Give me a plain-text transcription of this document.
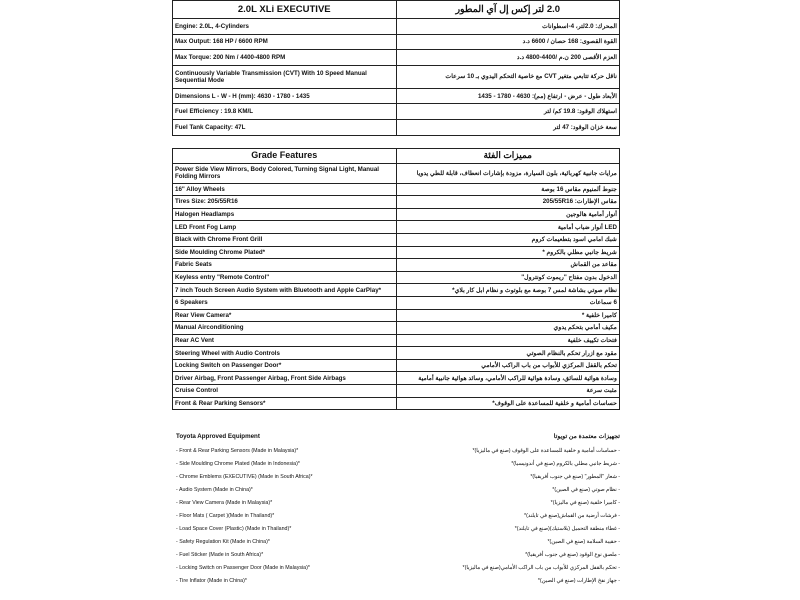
2.0L XLi EXECUTIVE	2.0 لتر إكس إل آي المطور
Engine: 2.0L, 4-Cylinders	المحرك: 2.0لتر، 4-اسطوانات
Max Output: 168 HP / 6600 RPM	القوة القصوى: 168 حصان / 6600 د.د
Max Torque: 200 Nm / 4400-4800 RPM	العزم الأقصى 200 ن.م /4400-4800 د.د
Continuously Variable Transmission (CVT) With 10 Speed Manual Sequential Mode	ناقل حركة تتابعي متغير CVT مع خاصية التحكم اليدوي بـ 10 سرعات
Dimensions L - W - H (mm): 4630 - 1780 - 1435	الأبعاد طول - عرض - ارتفاع (مم): 4630 - 1780 - 1435
Fuel Efficiency : 19.8 KM/L	استهلاك الوقود: 19.8 كم/ لتر
Fuel Tank Capacity: 47L	سعة خزان الوقود: 47 لتر
Grade Features	مميزات الفئة
Power Side View Mirrors, Body Colored, Turning Signal Light, Manual Folding Mirrors	مرايات جانبية كهربائية، بلون السيارة، مزودة بإشارات انعطاف، قابلة للطي يدويا
16" Alloy Wheels	جنوط ألمنيوم مقاس 16 بوصة
Tires Size: 205/55R16	مقاس الإطارات: 205/55R16
Halogen Headlamps	أنوار أمامية هالوجين
LED Front Fog Lamp	LED أنوار ضباب أمامية
Black with Chrome Front Grill	شبك امامي اسود بتطعيمات كروم
Side Moulding Chrome Plated*	شريط جانبي مطلي بالكروم *
Fabric Seats	مقاعد من القماش
Keyless entry "Remote Control"	الدخول بدون مفتاح "ريموت كونترول"
7 inch Touch Screen Audio System with Bluetooth and Apple CarPlay*	نظام صوتي بشاشة لمس 7 بوصة مع بلوتوث و نظام ابل كار بلاي*
6 Speakers	6 سماعات
Rear View Camera*	كاميرا خلفية *
Manual Airconditioning	مكيف أمامي بتحكم يدوي
Rear AC Vent	فتحات تكييف خلفية
Steering Wheel with Audio Controls	مقود مع ازرار تحكم بالنظام الصوتي
Locking Switch on Passenger Door*	تحكم بالقفل المركزي للأبواب من باب الراكب الأمامي
Driver Airbag, Front Passenger Airbag, Front Side Airbags	وسادة هوائية للسائق، وسادة هوائية للراكب الأمامي، وسائد هوائية جانبية أمامية
Cruise Control	مثبت سرعة
Front & Rear Parking Sensors*	حساسات أمامية و خلفية للمساعدة على الوقوف*
Toyota Approved Equipment	تجهيزات معتمدة من تويوتا
- Front & Rear Parking Sensors (Made in Malaysia)*	- حساسات أمامية و خلفية للمساعدة على الوقوف (صنع في ماليزيا)*
- Side Moulding Chrome Plated (Made in Indonesia)*	- شريط جانبي مطلي بالكروم (صنع في أندونيسيا)*
- Chrome Emblems (EXECUTIVE) (Made in South Africa)*	- شعار "المطور" (صنع في جنوب أفريقيا)*
- Audio System (Made in China)*	- نظام صوتي (صنع في الصين)*
- Rear View Camera (Made in Malaysia)*	- كاميرا خلفية (صنع في ماليزيا)*
- Floor Mats ( Carpet )(Made in Thailand)*	- فرشات أرضية من القماش(صنع في تايلند)*
- Load Space Cover (Plastic) (Made in Thailand)*	- غطاء منطقة التحميل (بلاستيك)(صنع في تايلند)*
- Safety Regulation Kit (Made in China)*	- حقيبة السلامة (صنع في الصين)*
- Fuel Sticker (Made in South Africa)*	- ملصق نوع الوقود (صنع في جنوب أفريقيا)*
- Locking Switch on Passenger Door (Made in Malaysia)*	- تحكم بالقفل المركزي للأبواب من باب الراكب الأمامي(صنع في ماليزيا)*
- Tire Inflator (Made in China)*	- جهاز نفخ الإطارات (صنع في الصين)*
